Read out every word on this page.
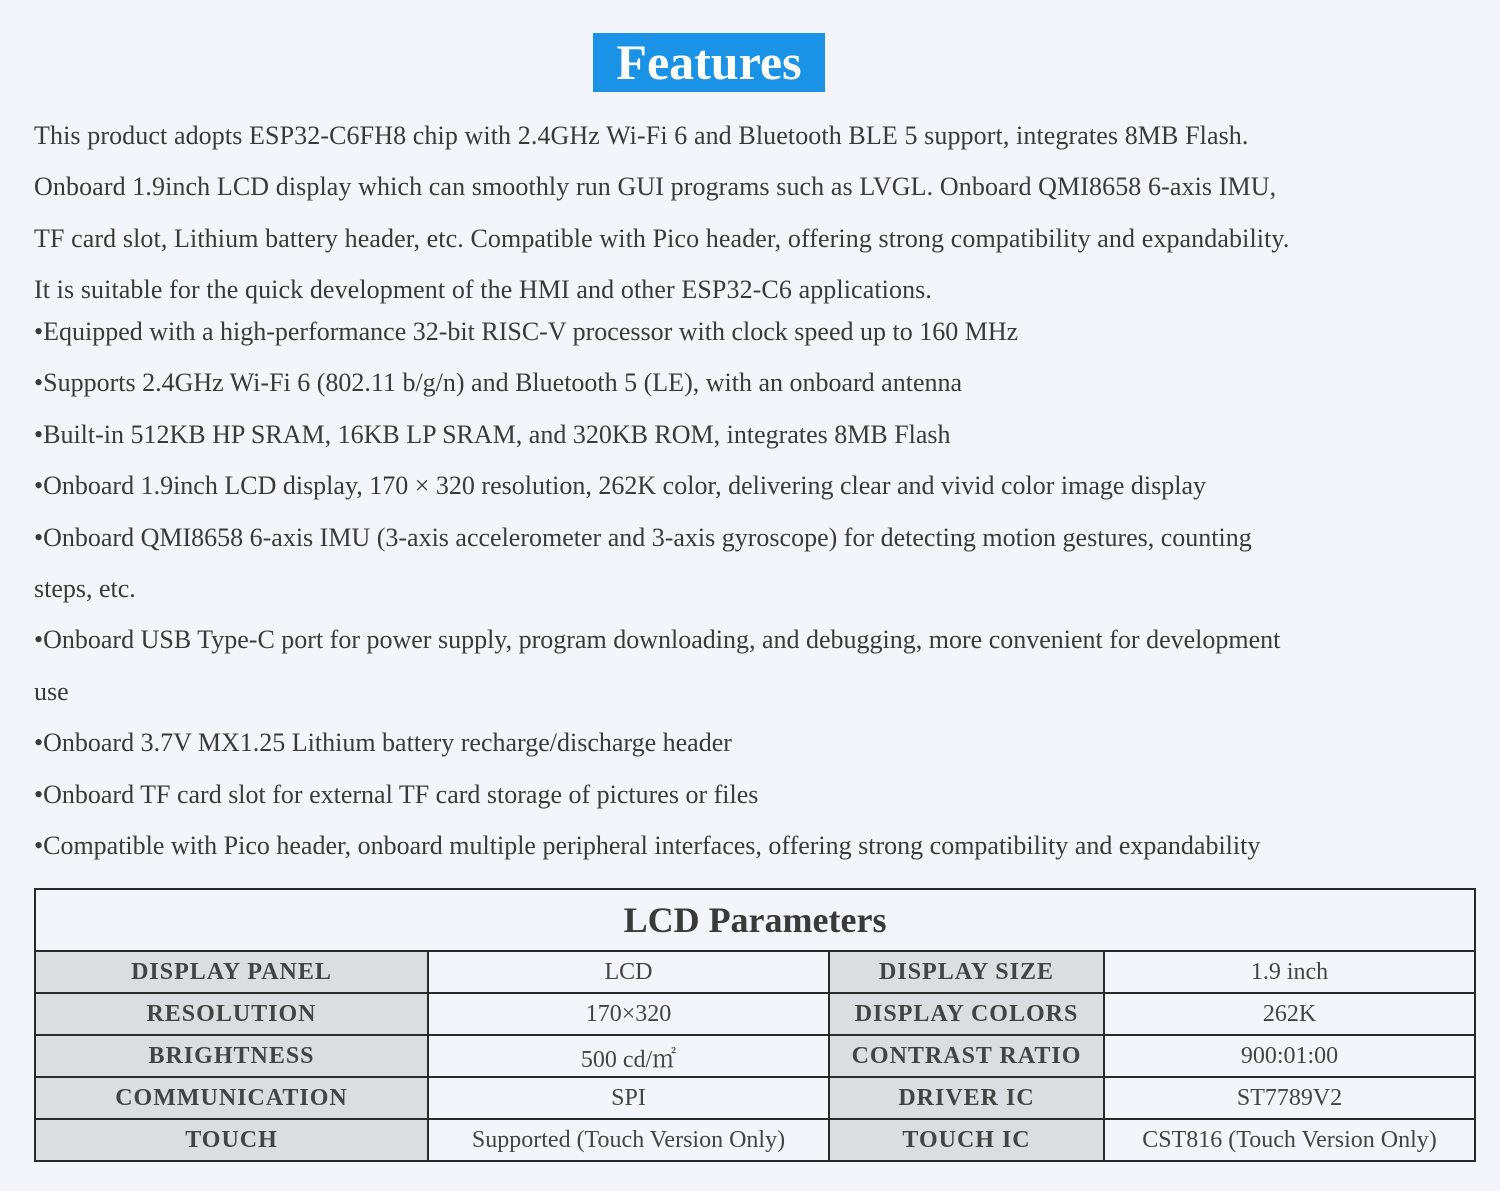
Features

This product adopts ESP32-C6FH8 chip with 2.4GHz Wi-Fi 6 and Bluetooth BLE 5 support, integrates 8MB Flash.
Onboard 1.9inch LCD display which can smoothly run GUI programs such as LVGL. Onboard QMI8658 6-axis IMU,
TF card slot, Lithium battery header, etc. Compatible with Pico header, offering strong compatibility and expandability.
It is suitable for the quick development of the HMI and other ESP32-C6 applications.

•Equipped with a high-performance 32-bit RISC-V processor with clock speed up to 160 MHz
•Supports 2.4GHz Wi-Fi 6 (802.11 b/g/n) and Bluetooth 5 (LE), with an onboard antenna
•Built-in 512KB HP SRAM, 16KB LP SRAM, and 320KB ROM, integrates 8MB Flash
•Onboard 1.9inch LCD display, 170 × 320 resolution, 262K color, delivering clear and vivid color image display
•Onboard QMI8658 6-axis IMU (3-axis accelerometer and 3-axis gyroscope) for detecting motion gestures, counting
steps, etc.
•Onboard USB Type-C port for power supply, program downloading, and debugging, more convenient for development
use
•Onboard 3.7V MX1.25 Lithium battery recharge/discharge header
•Onboard TF card slot for external TF card storage of pictures or files
•Compatible with Pico header, onboard multiple peripheral interfaces, offering strong compatibility and expandability
LCD Parameters			
DISPLAY PANEL	LCD	DISPLAY SIZE	1.9 inch
RESOLUTION	170×320	DISPLAY COLORS	262K
BRIGHTNESS	500 cd/㎡	CONTRAST RATIO	900:01:00
COMMUNICATION	SPI	DRIVER IC	ST7789V2
TOUCH	Supported (Touch Version Only)	TOUCH IC	CST816 (Touch Version Only)
